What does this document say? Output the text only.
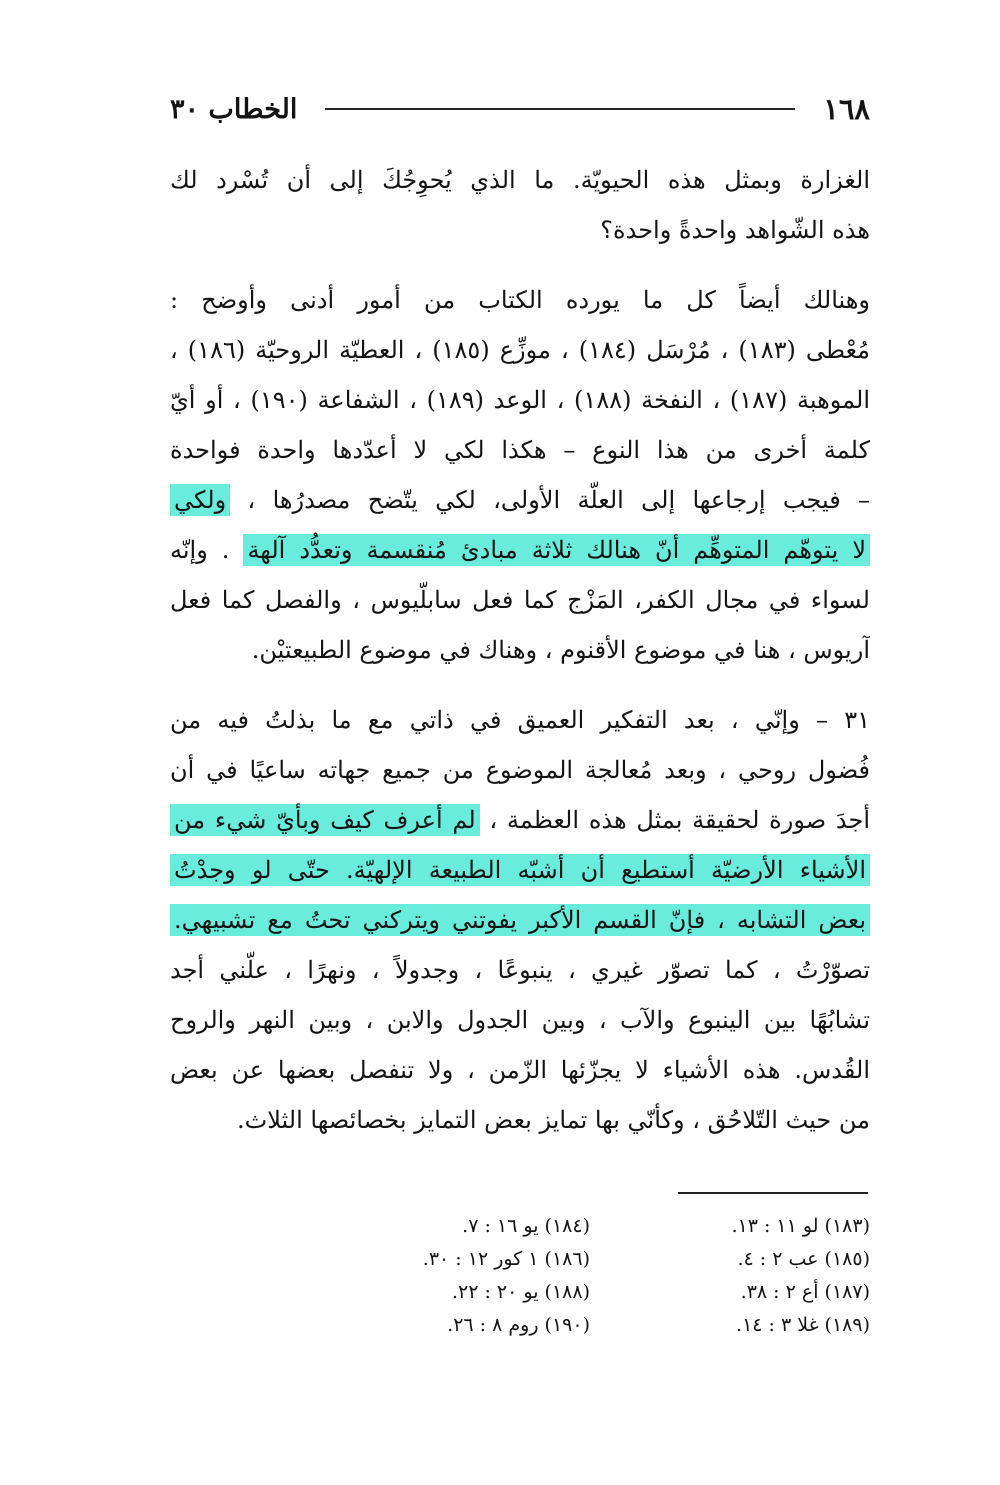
الخطاب ٣٠	١٦٨
الغزارة وبمثل هذه الحيويّة. ما الذي يُحوِجُكَ إلى أن تُسْرد لك
هذه الشّواهد واحدةً واحدة؟
وهنالك أيضاً كل ما يورده الكتاب من أمور أدنى وأوضح :
مُعْطى (١٨٣) ، مُرْسَل (١٨٤) ، موزِّع (١٨٥) ، العطيّة الروحيّة (١٨٦) ،
الموهبة (١٨٧) ، النفخة (١٨٨) ، الوعد (١٨٩) ، الشفاعة (١٩٠) ، أو أيّ
كلمة أخرى من هذا النوع – هكذا لكي لا أعدّدها واحدة فواحدة
– فيجب إرجاعها إلى العلّة الأولى، لكي يتّضح مصدرُها ، ولكي
لا يتوهّم المتوهِّم أنّ هنالك ثلاثة مبادئ مُنقسمة وتعدُّد آلهة . وإنّه
لسواء في مجال الكفر، المَزْج كما فعل سابلّيوس ، والفصل كما فعل
آريوس ، هنا في موضوع الأقنوم ، وهناك في موضوع الطبيعتيْن.
٣١ – وإنّي ، بعد التفكير العميق في ذاتي مع ما بذلتُ فيه من
فُضول روحي ، وبعد مُعالجة الموضوع من جميع جهاته ساعيًا في أن
أجدَ صورة لحقيقة بمثل هذه العظمة ، لم أعرف كيف وبأيّ شيء من
الأشياء الأرضيّة أستطيع أن أشبّه الطبيعة الإلهيّة. حتّى لو وجدْتُ
بعض التشابه ، فإنّ القسم الأكبر يفوتني ويتركني تحتُ مع تشبيهي.
تصوّرْتُ ، كما تصوّر غيري ، ينبوعًا ، وجدولاً ، ونهرًا ، علّني أجد
تشابُهًا بين الينبوع والآب ، وبين الجدول والابن ، وبين النهر والروح
القُدس. هذه الأشياء لا يجزّئها الزّمن ، ولا تنفصل بعضها عن بعض
من حيث التّلاحُق ، وكأنّي بها تمايز بعض التمايز بخصائصها الثلاث.
(١٨٣) لو ١١ : ١٣.
(١٨٤) يو ١٦ : ٧.
(١٨٥) عب ٢ : ٤.
(١٨٦) ١ كور ١٢ : ٣٠.
(١٨٧) أع ٢ : ٣٨.
(١٨٨) يو ٢٠ : ٢٢.
(١٨٩) غلا ٣ : ١٤.
(١٩٠) روم ٨ : ٢٦.
